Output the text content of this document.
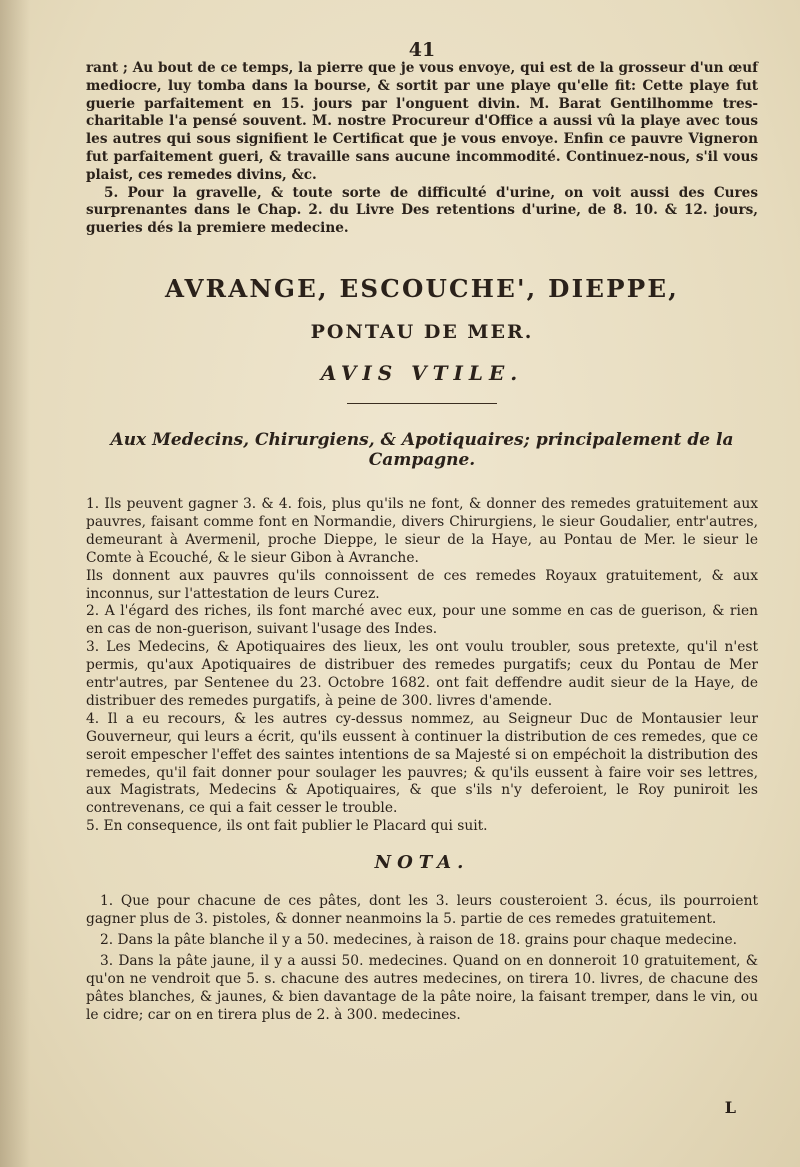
41

rant ; Au bout de ce temps, la pierre que je vous envoye, qui est de la grosseur d'un œuf mediocre, luy tomba dans la bourse, & sortit par une playe qu'elle fit: Cette playe fut guerie parfaitement en 15. jours par l'onguent divin. M. Barat Gentilhomme tres-charitable l'a pensé souvent. M. nostre Procureur d'Office a aussi vû la playe avec tous les autres qui sous signifient le Certificat que je vous envoye. Enfin ce pauvre Vigneron fut parfaitement gueri, & travaille sans aucune incommodité. Continuez-nous, s'il vous plaist, ces remedes divins, &c.

5. Pour la gravelle, & toute sorte de difficulté d'urine, on voit aussi des Cures surprenantes dans le Chap. 2. du Livre Des retentions d'urine, de 8. 10. & 12. jours, gueries dés la premiere medecine.

AVRANGE, ESCOUCHE', DIEPPE,
PONTAU DE MER.
AVIS VTILE.
Aux Medecins, Chirurgiens, & Apotiquaires; principalement de la Campagne.

1. Ils peuvent gagner 3. & 4. fois, plus qu'ils ne font, & donner des remedes gratuitement aux pauvres, faisant comme font en Normandie, divers Chirurgiens, le sieur Goudalier, entr'autres, demeurant à Avermenil, proche Dieppe, le sieur de la Haye, au Pontau de Mer. le sieur le Comte à Ecouché, & le sieur Gibon à Avranche.

Ils donnent aux pauvres qu'ils connoissent de ces remedes Royaux gratuitement, & aux inconnus, sur l'attestation de leurs Curez.

2. A l'égard des riches, ils font marché avec eux, pour une somme en cas de guerison, & rien en cas de non-guerison, suivant l'usage des Indes.

3. Les Medecins, & Apotiquaires des lieux, les ont voulu troubler, sous pretexte, qu'il n'est permis, qu'aux Apotiquaires de distribuer des remedes purgatifs; ceux du Pontau de Mer entr'autres, par Sentenee du 23. Octobre 1682. ont fait deffendre audit sieur de la Haye, de distribuer des remedes purgatifs, à peine de 300. livres d'amende.

4. Il a eu recours, & les autres cy-dessus nommez, au Seigneur Duc de Montausier leur Gouverneur, qui leurs a écrit, qu'ils eussent à continuer la distribution de ces remedes, que ce seroit empescher l'effet des saintes intentions de sa Majesté si on empéchoit la distribution des remedes, qu'il fait donner pour soulager les pauvres; & qu'ils eussent à faire voir ses lettres, aux Magistrats, Medecins & Apotiquaires, & que s'ils n'y deferoient, le Roy puniroit les contrevenans, ce qui a fait cesser le trouble.

5. En consequence, ils ont fait publier le Placard qui suit.

NOTA.

1. Que pour chacune de ces pâtes, dont les 3. leurs cousteroient 3. écus, ils pourroient gagner plus de 3. pistoles, & donner neanmoins la 5. partie de ces remedes gratuitement.

2. Dans la pâte blanche il y a 50. medecines, à raison de 18. grains pour chaque medecine.

3. Dans la pâte jaune, il y a aussi 50. medecines. Quand on en donneroit 10 gratuitement, & qu'on ne vendroit que 5. s. chacune des autres medecines, on tirera 10. livres, de chacune des pâtes blanches, & jaunes, & bien davantage de la pâte noire, la faisant tremper, dans le vin, ou le cidre; car on en tirera plus de 2. à 300. medecines.

L
